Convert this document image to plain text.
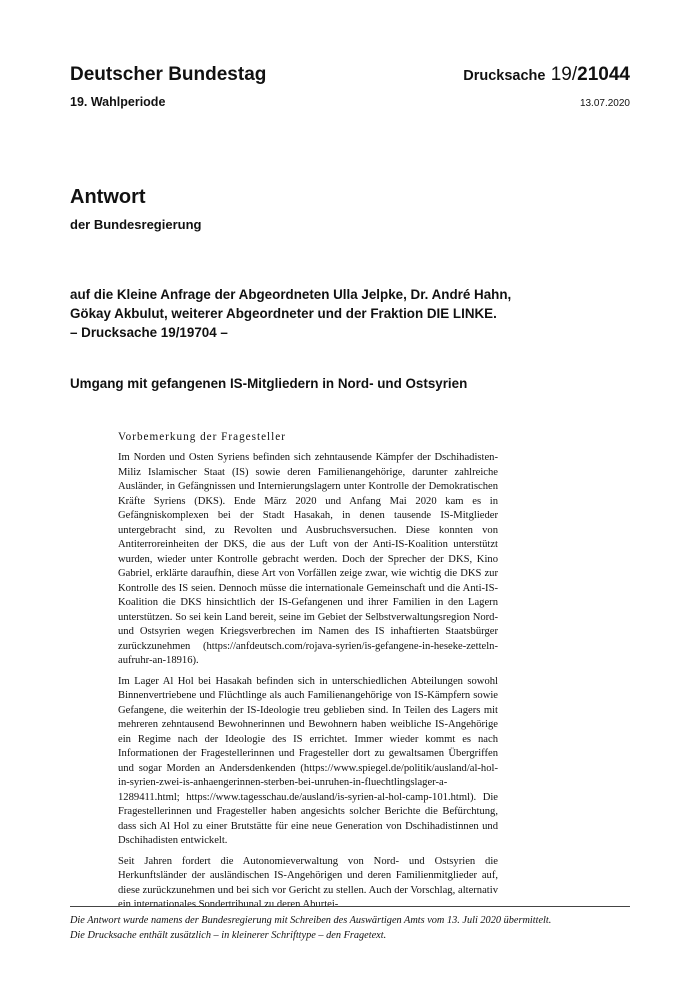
Deutscher Bundestag
19. Wahlperiode
Drucksache 19/21044
13.07.2020
Antwort
der Bundesregierung
auf die Kleine Anfrage der Abgeordneten Ulla Jelpke, Dr. André Hahn,
Gökay Akbulut, weiterer Abgeordneter und der Fraktion DIE LINKE.
– Drucksache 19/19704 –
Umgang mit gefangenen IS-Mitgliedern in Nord- und Ostsyrien
Vorbemerkung der Fragesteller

Im Norden und Osten Syriens befinden sich zehntausende Kämpfer der Dschihadisten-Miliz Islamischer Staat (IS) sowie deren Familienangehörige, darunter zahlreiche Ausländer, in Gefängnissen und Internierungslagern unter Kontrolle der Demokratischen Kräfte Syriens (DKS). Ende März 2020 und Anfang Mai 2020 kam es in Gefängniskomplexen bei der Stadt Hasakah, in denen tausende IS-Mitglieder untergebracht sind, zu Revolten und Ausbruchsversuchen. Diese konnten von Antiterroreinheiten der DKS, die aus der Luft von der Anti-IS-Koalition unterstützt wurden, wieder unter Kontrolle gebracht werden. Doch der Sprecher der DKS, Kino Gabriel, erklärte daraufhin, diese Art von Vorfällen zeige zwar, wie wichtig die DKS zur Kontrolle des IS seien. Dennoch müsse die internationale Gemeinschaft und die Anti-IS-Koalition die DKS hinsichtlich der IS-Gefangenen und ihrer Familien in den Lagern unterstützen. So sei kein Land bereit, seine im Gebiet der Selbstverwaltungsregion Nord- und Ostsyrien wegen Kriegsverbrechen im Namen des IS inhaftierten Staatsbürger zurückzunehmen (https://anfdeutsch.com/rojava-syrien/is-gefangene-in-heseke-zetteln-aufruhr-an-18916).

Im Lager Al Hol bei Hasakah befinden sich in unterschiedlichen Abteilungen sowohl Binnenvertriebene und Flüchtlinge als auch Familienangehörige von IS-Kämpfern sowie Gefangene, die weiterhin der IS-Ideologie treu geblieben sind. In Teilen des Lagers mit mehreren zehntausend Bewohnerinnen und Bewohnern haben weibliche IS-Angehörige ein Regime nach der Ideologie des IS errichtet. Immer wieder kommt es nach Informationen der Fragestellerinnen und Fragesteller dort zu gewaltsamen Übergriffen und sogar Morden an Andersdenkenden (https://www.spiegel.de/politik/ausland/al-hol-in-syrien-zwei-is-anhaengerinnen-sterben-bei-unruhen-in-fluechtlingslager-a-1289411.html; https://www.tagesschau.de/ausland/is-syrien-al-hol-camp-101.html). Die Fragestellerinnen und Fragesteller haben angesichts solcher Berichte die Befürchtung, dass sich Al Hol zu einer Brutstätte für eine neue Generation von Dschihadistinnen und Dschihadisten entwickelt.

Seit Jahren fordert die Autonomieverwaltung von Nord- und Ostsyrien die Herkunftsländer der ausländischen IS-Angehörigen und deren Familienmitglieder auf, diese zurückzunehmen und bei sich vor Gericht zu stellen. Auch der Vorschlag, alternativ ein internationales Sondertribunal zu deren Aburtei-

Die Antwort wurde namens der Bundesregierung mit Schreiben des Auswärtigen Amts vom 13. Juli 2020 übermittelt.
Die Drucksache enthält zusätzlich – in kleinerer Schrifttype – den Fragetext.
